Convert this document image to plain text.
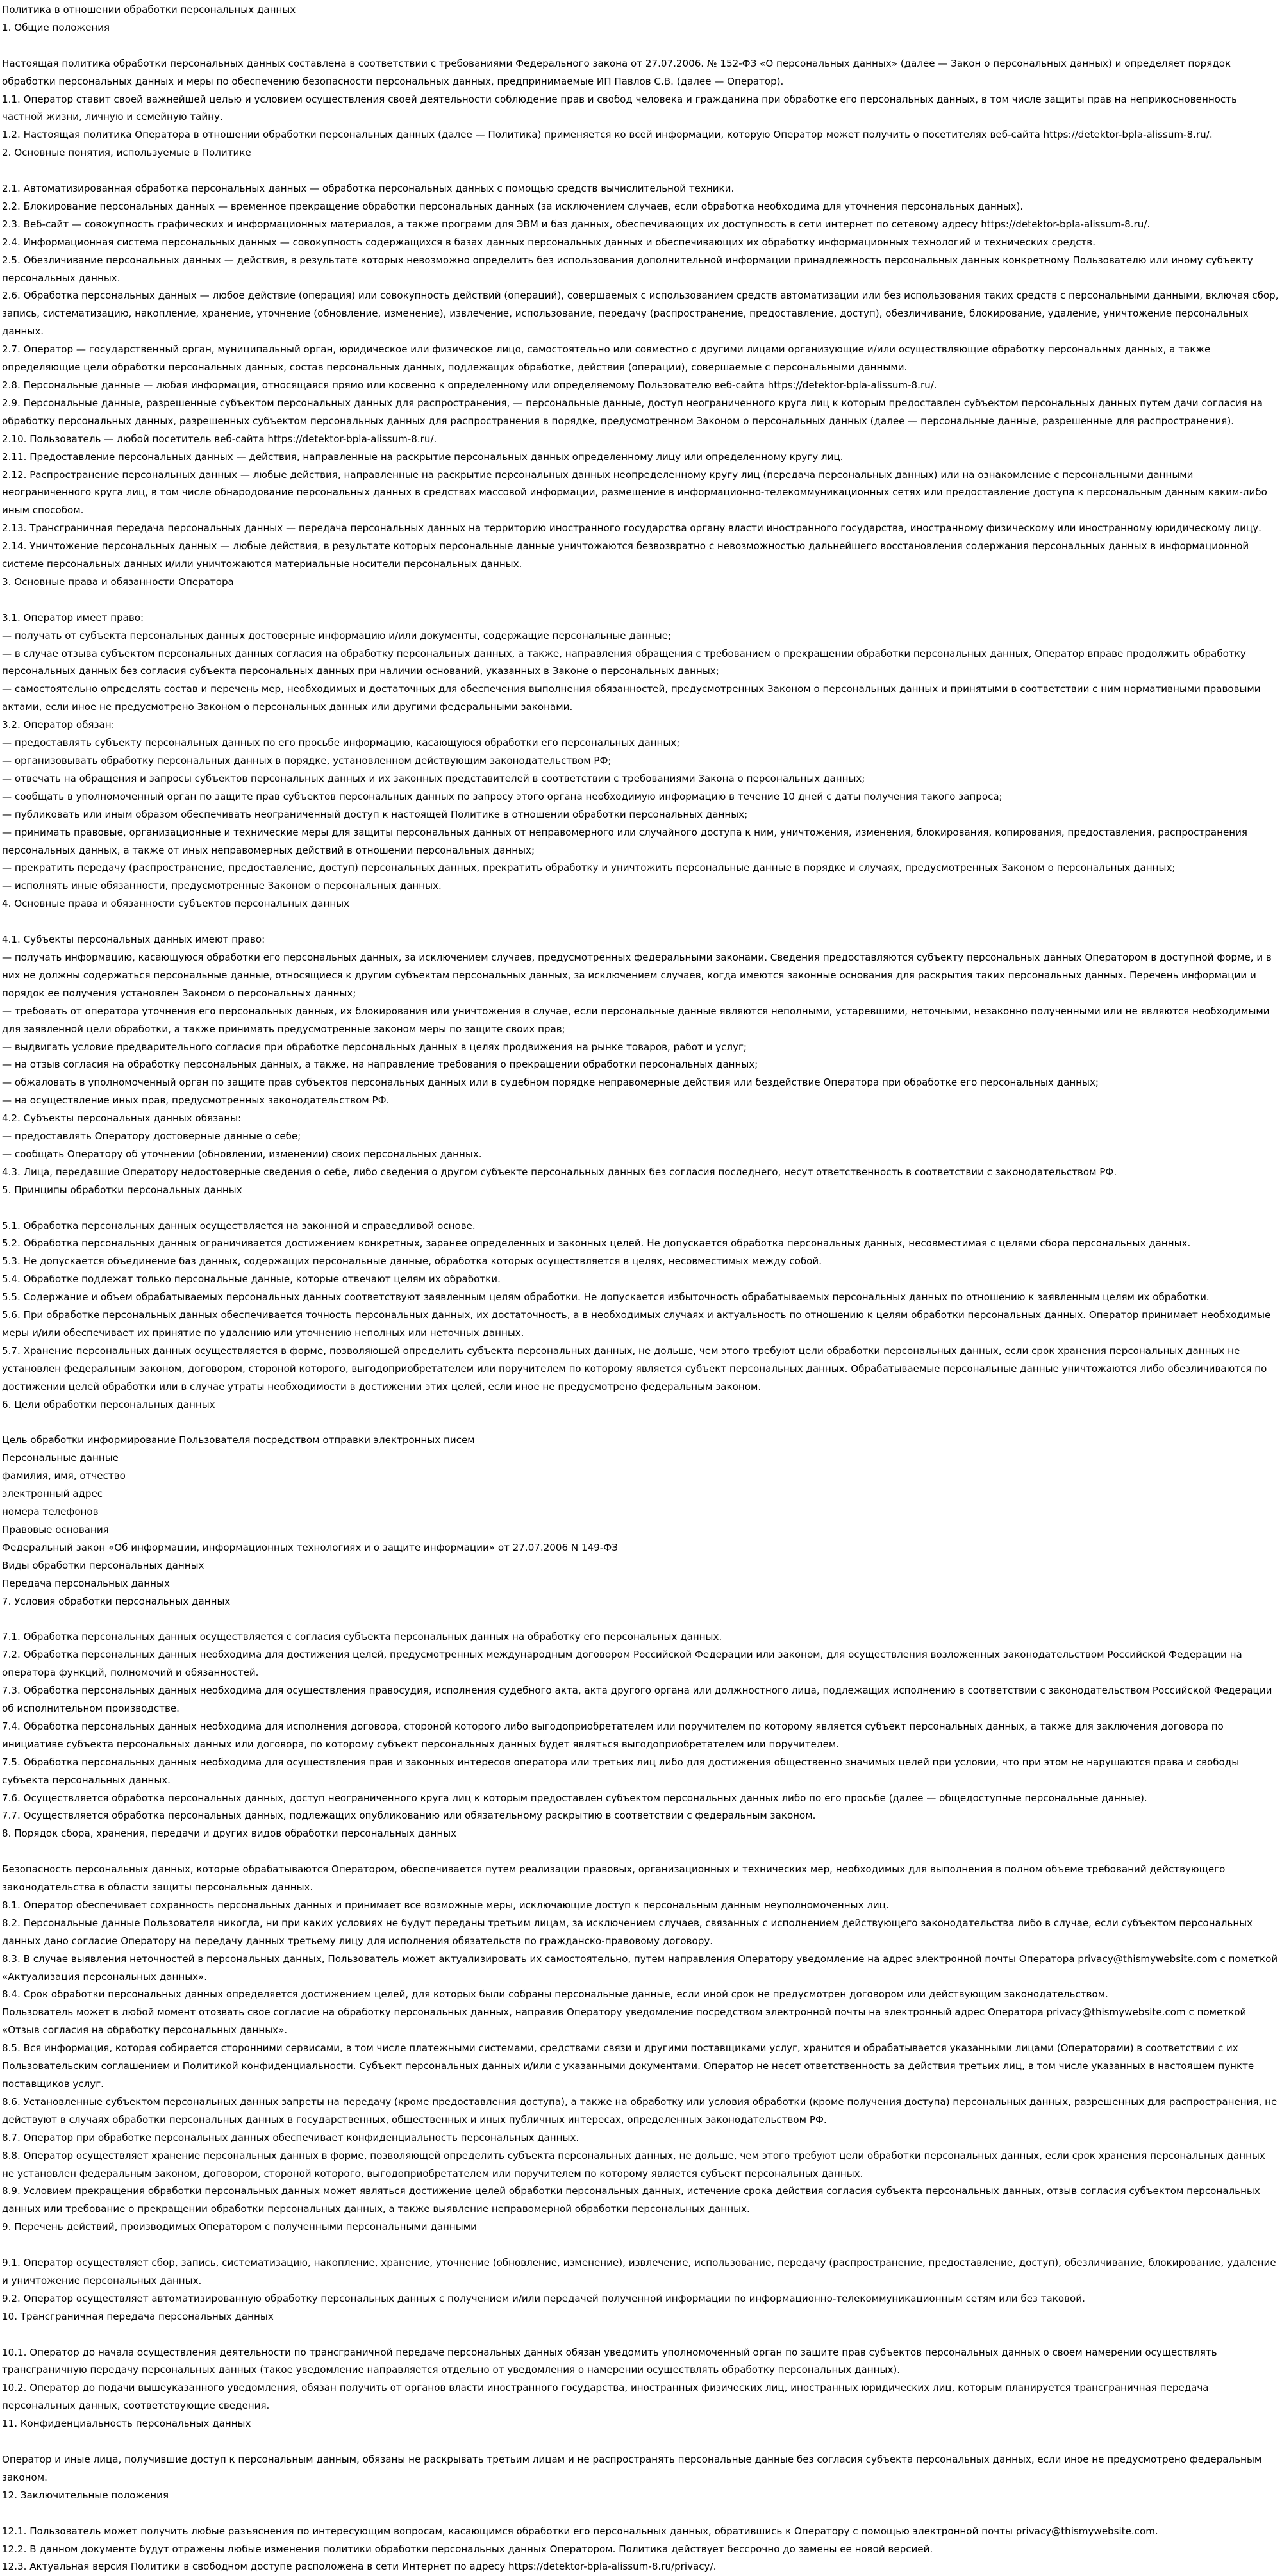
Политика в отношении обработки персональных данных
1. Общие положения
Настоящая политика обработки персональных данных составлена в соответствии с требованиями Федерального закона от 27.07.2006. № 152-ФЗ «О персональных данных» (далее — Закон о персональных данных) и определяет порядок обработки персональных данных и меры по обеспечению безопасности персональных данных, предпринимаемые ИП Павлов С.В. (далее — Оператор).
1.1. Оператор ставит своей важнейшей целью и условием осуществления своей деятельности соблюдение прав и свобод человека и гражданина при обработке его персональных данных, в том числе защиты прав на неприкосновенность частной жизни, личную и семейную тайну.
1.2. Настоящая политика Оператора в отношении обработки персональных данных (далее — Политика) применяется ко всей информации, которую Оператор может получить о посетителях веб-сайта https://detektor-bpla-alissum-8.ru/.
2. Основные понятия, используемые в Политике
2.1. Автоматизированная обработка персональных данных — обработка персональных данных с помощью средств вычислительной техники.
2.2. Блокирование персональных данных — временное прекращение обработки персональных данных (за исключением случаев, если обработка необходима для уточнения персональных данных).
2.3. Веб-сайт — совокупность графических и информационных материалов, а также программ для ЭВМ и баз данных, обеспечивающих их доступность в сети интернет по сетевому адресу https://detektor-bpla-alissum-8.ru/.
2.4. Информационная система персональных данных — совокупность содержащихся в базах данных персональных данных и обеспечивающих их обработку информационных технологий и технических средств.
2.5. Обезличивание персональных данных — действия, в результате которых невозможно определить без использования дополнительной информации принадлежность персональных данных конкретному Пользователю или иному субъекту персональных данных.
2.6. Обработка персональных данных — любое действие (операция) или совокупность действий (операций), совершаемых с использованием средств автоматизации или без использования таких средств с персональными данными, включая сбор, запись, систематизацию, накопление, хранение, уточнение (обновление, изменение), извлечение, использование, передачу (распространение, предоставление, доступ), обезличивание, блокирование, удаление, уничтожение персональных данных.
2.7. Оператор — государственный орган, муниципальный орган, юридическое или физическое лицо, самостоятельно или совместно с другими лицами организующие и/или осуществляющие обработку персональных данных, а также определяющие цели обработки персональных данных, состав персональных данных, подлежащих обработке, действия (операции), совершаемые с персональными данными.
2.8. Персональные данные — любая информация, относящаяся прямо или косвенно к определенному или определяемому Пользователю веб-сайта https://detektor-bpla-alissum-8.ru/.
2.9. Персональные данные, разрешенные субъектом персональных данных для распространения, — персональные данные, доступ неограниченного круга лиц к которым предоставлен субъектом персональных данных путем дачи согласия на обработку персональных данных, разрешенных субъектом персональных данных для распространения в порядке, предусмотренном Законом о персональных данных (далее — персональные данные, разрешенные для распространения).
2.10. Пользователь — любой посетитель веб-сайта https://detektor-bpla-alissum-8.ru/.
2.11. Предоставление персональных данных — действия, направленные на раскрытие персональных данных определенному лицу или определенному кругу лиц.
2.12. Распространение персональных данных — любые действия, направленные на раскрытие персональных данных неопределенному кругу лиц (передача персональных данных) или на ознакомление с персональными данными неограниченного круга лиц, в том числе обнародование персональных данных в средствах массовой информации, размещение в информационно-телекоммуникационных сетях или предоставление доступа к персональным данным каким-либо иным способом.
2.13. Трансграничная передача персональных данных — передача персональных данных на территорию иностранного государства органу власти иностранного государства, иностранному физическому или иностранному юридическому лицу.
2.14. Уничтожение персональных данных — любые действия, в результате которых персональные данные уничтожаются безвозвратно с невозможностью дальнейшего восстановления содержания персональных данных в информационной системе персональных данных и/или уничтожаются материальные носители персональных данных.
3. Основные права и обязанности Оператора
3.1. Оператор имеет право:
— получать от субъекта персональных данных достоверные информацию и/или документы, содержащие персональные данные;
— в случае отзыва субъектом персональных данных согласия на обработку персональных данных, а также, направления обращения с требованием о прекращении обработки персональных данных, Оператор вправе продолжить обработку персональных данных без согласия субъекта персональных данных при наличии оснований, указанных в Законе о персональных данных;
— самостоятельно определять состав и перечень мер, необходимых и достаточных для обеспечения выполнения обязанностей, предусмотренных Законом о персональных данных и принятыми в соответствии с ним нормативными правовыми актами, если иное не предусмотрено Законом о персональных данных или другими федеральными законами.
3.2. Оператор обязан:
— предоставлять субъекту персональных данных по его просьбе информацию, касающуюся обработки его персональных данных;
— организовывать обработку персональных данных в порядке, установленном действующим законодательством РФ;
— отвечать на обращения и запросы субъектов персональных данных и их законных представителей в соответствии с требованиями Закона о персональных данных;
— сообщать в уполномоченный орган по защите прав субъектов персональных данных по запросу этого органа необходимую информацию в течение 10 дней с даты получения такого запроса;
— публиковать или иным образом обеспечивать неограниченный доступ к настоящей Политике в отношении обработки персональных данных;
— принимать правовые, организационные и технические меры для защиты персональных данных от неправомерного или случайного доступа к ним, уничтожения, изменения, блокирования, копирования, предоставления, распространения персональных данных, а также от иных неправомерных действий в отношении персональных данных;
— прекратить передачу (распространение, предоставление, доступ) персональных данных, прекратить обработку и уничтожить персональные данные в порядке и случаях, предусмотренных Законом о персональных данных;
— исполнять иные обязанности, предусмотренные Законом о персональных данных.
4. Основные права и обязанности субъектов персональных данных
4.1. Субъекты персональных данных имеют право:
— получать информацию, касающуюся обработки его персональных данных, за исключением случаев, предусмотренных федеральными законами. Сведения предоставляются субъекту персональных данных Оператором в доступной форме, и в них не должны содержаться персональные данные, относящиеся к другим субъектам персональных данных, за исключением случаев, когда имеются законные основания для раскрытия таких персональных данных. Перечень информации и порядок ее получения установлен Законом о персональных данных;
— требовать от оператора уточнения его персональных данных, их блокирования или уничтожения в случае, если персональные данные являются неполными, устаревшими, неточными, незаконно полученными или не являются необходимыми для заявленной цели обработки, а также принимать предусмотренные законом меры по защите своих прав;
— выдвигать условие предварительного согласия при обработке персональных данных в целях продвижения на рынке товаров, работ и услуг;
— на отзыв согласия на обработку персональных данных, а также, на направление требования о прекращении обработки персональных данных;
— обжаловать в уполномоченный орган по защите прав субъектов персональных данных или в судебном порядке неправомерные действия или бездействие Оператора при обработке его персональных данных;
— на осуществление иных прав, предусмотренных законодательством РФ.
4.2. Субъекты персональных данных обязаны:
— предоставлять Оператору достоверные данные о себе;
— сообщать Оператору об уточнении (обновлении, изменении) своих персональных данных.
4.3. Лица, передавшие Оператору недостоверные сведения о себе, либо сведения о другом субъекте персональных данных без согласия последнего, несут ответственность в соответствии с законодательством РФ.
5. Принципы обработки персональных данных
5.1. Обработка персональных данных осуществляется на законной и справедливой основе.
5.2. Обработка персональных данных ограничивается достижением конкретных, заранее определенных и законных целей. Не допускается обработка персональных данных, несовместимая с целями сбора персональных данных.
5.3. Не допускается объединение баз данных, содержащих персональные данные, обработка которых осуществляется в целях, несовместимых между собой.
5.4. Обработке подлежат только персональные данные, которые отвечают целям их обработки.
5.5. Содержание и объем обрабатываемых персональных данных соответствуют заявленным целям обработки. Не допускается избыточность обрабатываемых персональных данных по отношению к заявленным целям их обработки.
5.6. При обработке персональных данных обеспечивается точность персональных данных, их достаточность, а в необходимых случаях и актуальность по отношению к целям обработки персональных данных. Оператор принимает необходимые меры и/или обеспечивает их принятие по удалению или уточнению неполных или неточных данных.
5.7. Хранение персональных данных осуществляется в форме, позволяющей определить субъекта персональных данных, не дольше, чем этого требуют цели обработки персональных данных, если срок хранения персональных данных не установлен федеральным законом, договором, стороной которого, выгодоприобретателем или поручителем по которому является субъект персональных данных. Обрабатываемые персональные данные уничтожаются либо обезличиваются по достижении целей обработки или в случае утраты необходимости в достижении этих целей, если иное не предусмотрено федеральным законом.
6. Цели обработки персональных данных
Цель обработки информирование Пользователя посредством отправки электронных писем
Персональные данные
фамилия, имя, отчество
электронный адрес
номера телефонов
Правовые основания
Федеральный закон «Об информации, информационных технологиях и о защите информации» от 27.07.2006 N 149-ФЗ
Виды обработки персональных данных
Передача персональных данных
7. Условия обработки персональных данных
7.1. Обработка персональных данных осуществляется с согласия субъекта персональных данных на обработку его персональных данных.
7.2. Обработка персональных данных необходима для достижения целей, предусмотренных международным договором Российской Федерации или законом, для осуществления возложенных законодательством Российской Федерации на оператора функций, полномочий и обязанностей.
7.3. Обработка персональных данных необходима для осуществления правосудия, исполнения судебного акта, акта другого органа или должностного лица, подлежащих исполнению в соответствии с законодательством Российской Федерации об исполнительном производстве.
7.4. Обработка персональных данных необходима для исполнения договора, стороной которого либо выгодоприобретателем или поручителем по которому является субъект персональных данных, а также для заключения договора по инициативе субъекта персональных данных или договора, по которому субъект персональных данных будет являться выгодоприобретателем или поручителем.
7.5. Обработка персональных данных необходима для осуществления прав и законных интересов оператора или третьих лиц либо для достижения общественно значимых целей при условии, что при этом не нарушаются права и свободы субъекта персональных данных.
7.6. Осуществляется обработка персональных данных, доступ неограниченного круга лиц к которым предоставлен субъектом персональных данных либо по его просьбе (далее — общедоступные персональные данные).
7.7. Осуществляется обработка персональных данных, подлежащих опубликованию или обязательному раскрытию в соответствии с федеральным законом.
8. Порядок сбора, хранения, передачи и других видов обработки персональных данных
Безопасность персональных данных, которые обрабатываются Оператором, обеспечивается путем реализации правовых, организационных и технических мер, необходимых для выполнения в полном объеме требований действующего законодательства в области защиты персональных данных.
8.1. Оператор обеспечивает сохранность персональных данных и принимает все возможные меры, исключающие доступ к персональным данным неуполномоченных лиц.
8.2. Персональные данные Пользователя никогда, ни при каких условиях не будут переданы третьим лицам, за исключением случаев, связанных с исполнением действующего законодательства либо в случае, если субъектом персональных данных дано согласие Оператору на передачу данных третьему лицу для исполнения обязательств по гражданско-правовому договору.
8.3. В случае выявления неточностей в персональных данных, Пользователь может актуализировать их самостоятельно, путем направления Оператору уведомление на адрес электронной почты Оператора privacy@thismywebsite.com с пометкой «Актуализация персональных данных».
8.4. Срок обработки персональных данных определяется достижением целей, для которых были собраны персональные данные, если иной срок не предусмотрен договором или действующим законодательством.
Пользователь может в любой момент отозвать свое согласие на обработку персональных данных, направив Оператору уведомление посредством электронной почты на электронный адрес Оператора privacy@thismywebsite.com с пометкой «Отзыв согласия на обработку персональных данных».
8.5. Вся информация, которая собирается сторонними сервисами, в том числе платежными системами, средствами связи и другими поставщиками услуг, хранится и обрабатывается указанными лицами (Операторами) в соответствии с их Пользовательским соглашением и Политикой конфиденциальности. Субъект персональных данных и/или с указанными документами. Оператор не несет ответственность за действия третьих лиц, в том числе указанных в настоящем пункте поставщиков услуг.
8.6. Установленные субъектом персональных данных запреты на передачу (кроме предоставления доступа), а также на обработку или условия обработки (кроме получения доступа) персональных данных, разрешенных для распространения, не действуют в случаях обработки персональных данных в государственных, общественных и иных публичных интересах, определенных законодательством РФ.
8.7. Оператор при обработке персональных данных обеспечивает конфиденциальность персональных данных.
8.8. Оператор осуществляет хранение персональных данных в форме, позволяющей определить субъекта персональных данных, не дольше, чем этого требуют цели обработки персональных данных, если срок хранения персональных данных не установлен федеральным законом, договором, стороной которого, выгодоприобретателем или поручителем по которому является субъект персональных данных.
8.9. Условием прекращения обработки персональных данных может являться достижение целей обработки персональных данных, истечение срока действия согласия субъекта персональных данных, отзыв согласия субъектом персональных данных или требование о прекращении обработки персональных данных, а также выявление неправомерной обработки персональных данных.
9. Перечень действий, производимых Оператором с полученными персональными данными
9.1. Оператор осуществляет сбор, запись, систематизацию, накопление, хранение, уточнение (обновление, изменение), извлечение, использование, передачу (распространение, предоставление, доступ), обезличивание, блокирование, удаление и уничтожение персональных данных.
9.2. Оператор осуществляет автоматизированную обработку персональных данных с получением и/или передачей полученной информации по информационно-телекоммуникационным сетям или без таковой.
10. Трансграничная передача персональных данных
10.1. Оператор до начала осуществления деятельности по трансграничной передаче персональных данных обязан уведомить уполномоченный орган по защите прав субъектов персональных данных о своем намерении осуществлять трансграничную передачу персональных данных (такое уведомление направляется отдельно от уведомления о намерении осуществлять обработку персональных данных).
10.2. Оператор до подачи вышеуказанного уведомления, обязан получить от органов власти иностранного государства, иностранных физических лиц, иностранных юридических лиц, которым планируется трансграничная передача персональных данных, соответствующие сведения.
11. Конфиденциальность персональных данных
Оператор и иные лица, получившие доступ к персональным данным, обязаны не раскрывать третьим лицам и не распространять персональные данные без согласия субъекта персональных данных, если иное не предусмотрено федеральным законом.
12. Заключительные положения
12.1. Пользователь может получить любые разъяснения по интересующим вопросам, касающимся обработки его персональных данных, обратившись к Оператору с помощью электронной почты privacy@thismywebsite.com.
12.2. В данном документе будут отражены любые изменения политики обработки персональных данных Оператором. Политика действует бессрочно до замены ее новой версией.
12.3. Актуальная версия Политики в свободном доступе расположена в сети Интернет по адресу https://detektor-bpla-alissum-8.ru/privacy/.
